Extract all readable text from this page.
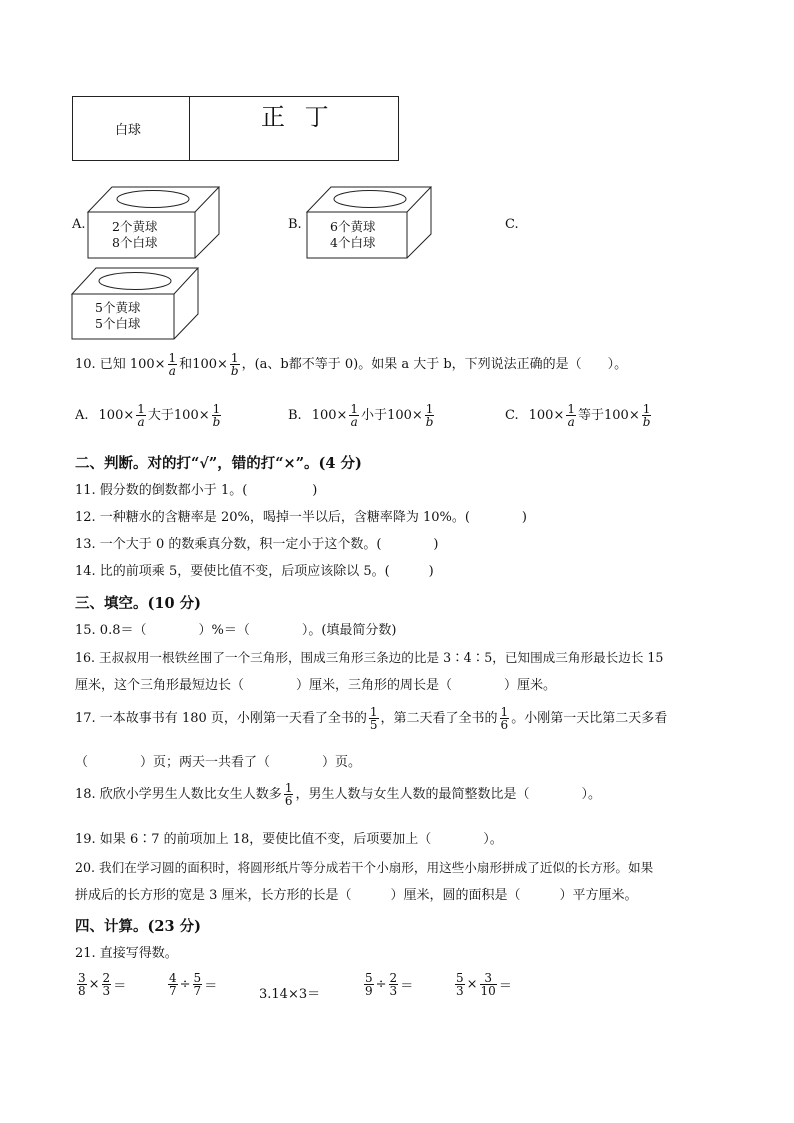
白球	正 丁
A. 2个黄球
8个白球
B. 6个黄球
4个白球
C.
5个黄球
5个白球
10. 已知 $100\times \frac{1}{a}$ 和 $100\times \frac{1}{b}$ ，(a、b都不等于 0)。如果 a 大于 b，下列说法正确的是（　　）。
A. $100\times \frac{1}{a}$ 大于 $100\times \frac{1}{b}$	B. $100\times \frac{1}{a}$ 小于 $100\times \frac{1}{b}$	C. $100\times \frac{1}{a}$ 等于 $100\times \frac{1}{b}$
二、判断。对的打“√”，错的打“×”。(4 分)
11. 假分数的倒数都小于 1。(　　　　　)
12. 一种糖水的含糖率是 20%，喝掉一半以后，含糖率降为 10%。(　　　　)
13. 一个大于 0 的数乘真分数，积一定小于这个数。(　　　　)
14. 比的前项乘 5，要使比值不变，后项应该除以 5。(　　　)
三、填空。(10 分)
15. 0.8＝（　　　　）%＝（　　　　）。(填最简分数)
16. 王叔叔用一根铁丝围了一个三角形，围成三角形三条边的比是 3∶4∶5，已知围成三角形最长边长 15
厘米，这个三角形最短边长（　　　　）厘米，三角形的周长是（　　　　）厘米。
17. 一本故事书有 180 页，小刚第一天看了全书的 $\frac{1}{5}$ ，第二天看了全书的 $\frac{1}{6}$ 。小刚第一天比第二天多看
（　　　　）页；两天一共看了（　　　　）页。
18. 欣欣小学男生人数比女生人数多 $\frac{1}{6}$ ，男生人数与女生人数的最简整数比是（　　　　）。
19. 如果 6∶7 的前项加上 18，要使比值不变，后项要加上（　　　　）。
20. 我们在学习圆的面积时，将圆形纸片等分成若干个小扇形，用这些小扇形拼成了近似的长方形。如果
拼成后的长方形的宽是 3 厘米，长方形的长是（　　　）厘米，圆的面积是（　　　）平方厘米。
四、计算。(23 分)
21. 直接写得数。
$\frac{3}{8} \times \frac{2}{3}$ ＝	$\frac{4}{7} \div \frac{5}{7}$ ＝
3.14×3＝	$\frac{5}{9} \div \frac{2}{3}$ ＝	$\frac{5}{3} \times \frac{3}{10}$ ＝
